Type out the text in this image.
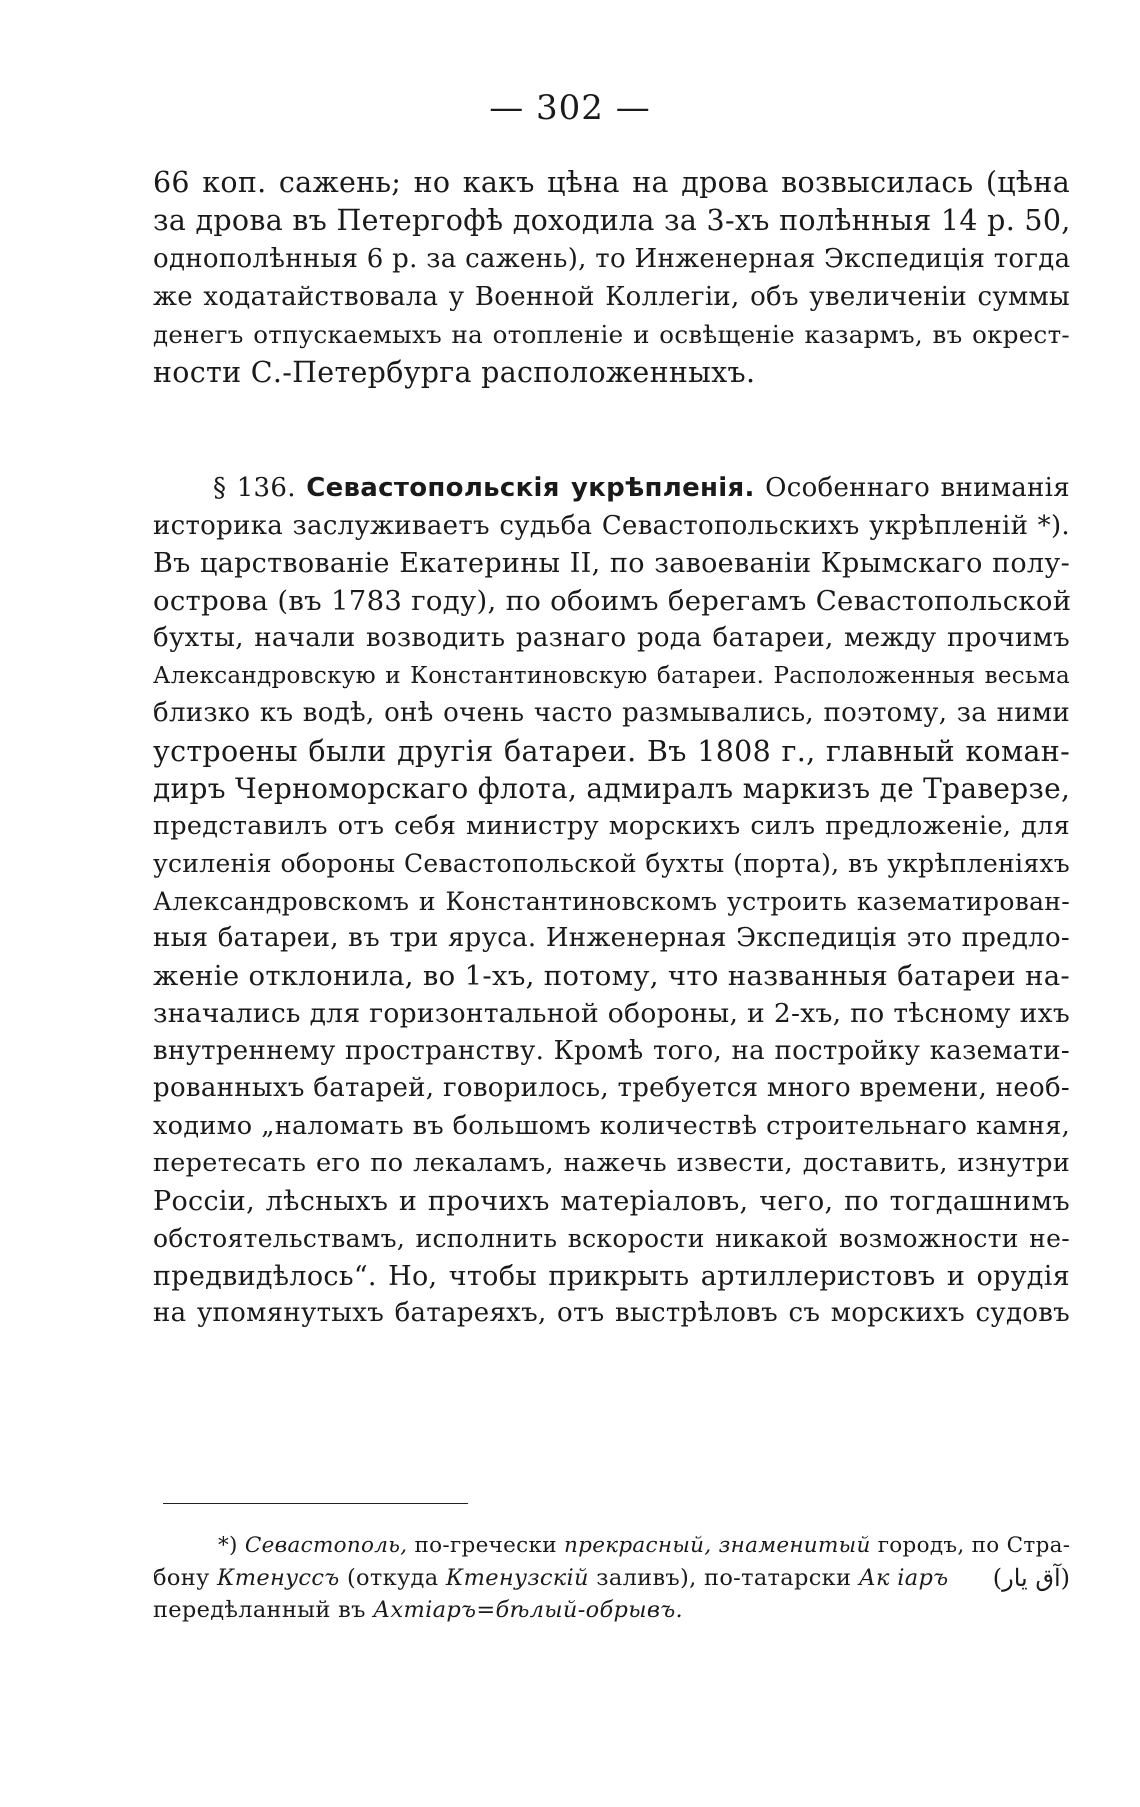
— 302 —
66 коп. сажень; но какъ цѣна на дрова возвысилась (цѣна
за дрова въ Петергофѣ доходила за 3-хъ полѣнныя 14 р. 50,
однополѣнныя 6 р. за сажень), то Инженерная Экспедиція тогда
же ходатайствовала у Военной Коллегіи, объ увеличеніи суммы
денегъ отпускаемыхъ на отопленіе и освѣщеніе казармъ, въ окрест-
ности С.-Петербурга расположенныхъ.
§ 136. Севастопольскія укрѣпленія. Особеннаго вниманія
историка заслуживаетъ судьба Севастопольскихъ укрѣпленій *).
Въ царствованіе Екатерины II, по завоеваніи Крымскаго полу-
острова (въ 1783 году), по обоимъ берегамъ Севастопольской
бухты, начали возводить разнаго рода батареи, между прочимъ
Александровскую и Константиновскую батареи. Расположенныя весьма
близко къ водѣ, онѣ очень часто размывались, поэтому, за ними
устроены были другія батареи. Въ 1808 г., главный коман-
диръ Черноморскаго флота, адмиралъ маркизъ де Траверзе,
представилъ отъ себя министру морскихъ силъ предложеніе, для
усиленія обороны Севастопольской бухты (порта), въ укрѣпленіяхъ
Александровскомъ и Константиновскомъ устроить казематирован-
ныя батареи, въ три яруса. Инженерная Экспедиція это предло-
женіе отклонила, во 1-хъ, потому, что названныя батареи на-
значались для горизонтальной обороны, и 2-хъ, по тѣсному ихъ
внутреннему пространству. Кромѣ того, на постройку каземати-
рованныхъ батарей, говорилось, требуется много времени, необ-
ходимо „наломать въ большомъ количествѣ строительнаго камня,
перетесать его по лекаламъ, нажечь извести, доставить, изнутри
Россіи, лѣсныхъ и прочихъ матеріаловъ, чего, по тогдашнимъ
обстоятельствамъ, исполнить вскорости никакой возможности не-
предвидѣлось“. Но, чтобы прикрыть артиллеристовъ и орудія
на упомянутыхъ батареяхъ, отъ выстрѣловъ съ морскихъ судовъ
*) Севастополь, по-гречески прекрасный, знаменитый городъ, по Стра-
бону Ктенуссъ (откуда Ктенузскій заливъ), по-татарски Ак іаръ (آق يار)
передѣланный въ Ахтіаръ=бѣлый-обрывъ.
